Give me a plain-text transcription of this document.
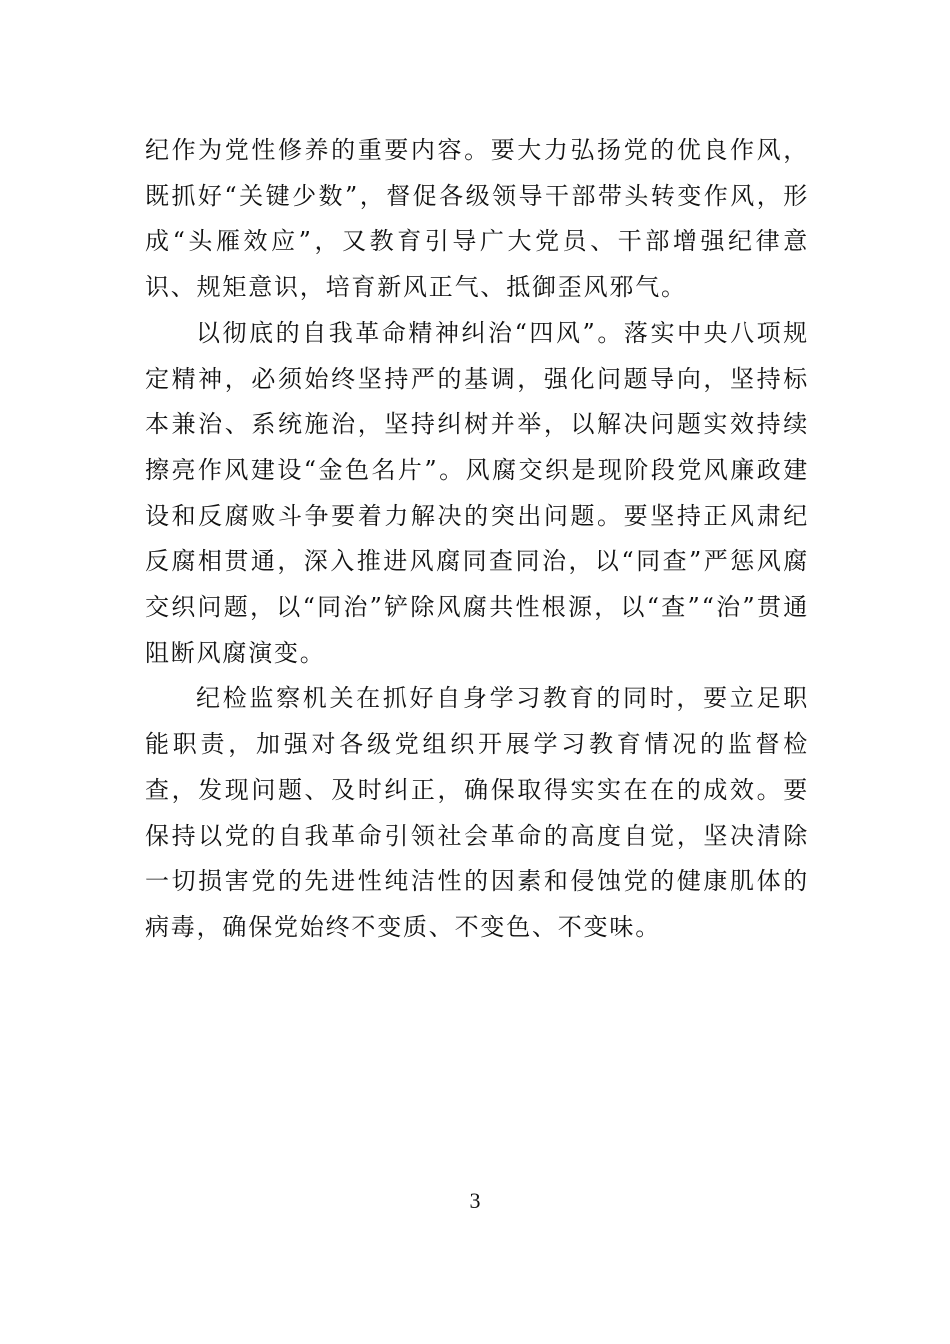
纪作为党性修养的重要内容。要大力弘扬党的优良作风，既抓好“关键少数”，督促各级领导干部带头转变作风，形成“头雁效应”，又教育引导广大党员、干部增强纪律意识、规矩意识，培育新风正气、抵御歪风邪气。

以彻底的自我革命精神纠治“四风”。落实中央八项规定精神，必须始终坚持严的基调，强化问题导向，坚持标本兼治、系统施治，坚持纠树并举，以解决问题实效持续擦亮作风建设“金色名片”。风腐交织是现阶段党风廉政建设和反腐败斗争要着力解决的突出问题。要坚持正风肃纪反腐相贯通，深入推进风腐同查同治，以“同查”严惩风腐交织问题，以“同治”铲除风腐共性根源，以“查”“治”贯通阻断风腐演变。

纪检监察机关在抓好自身学习教育的同时，要立足职能职责，加强对各级党组织开展学习教育情况的监督检查，发现问题、及时纠正，确保取得实实在在的成效。要保持以党的自我革命引领社会革命的高度自觉，坚决清除一切损害党的先进性纯洁性的因素和侵蚀党的健康肌体的病毒，确保党始终不变质、不变色、不变味。

3
